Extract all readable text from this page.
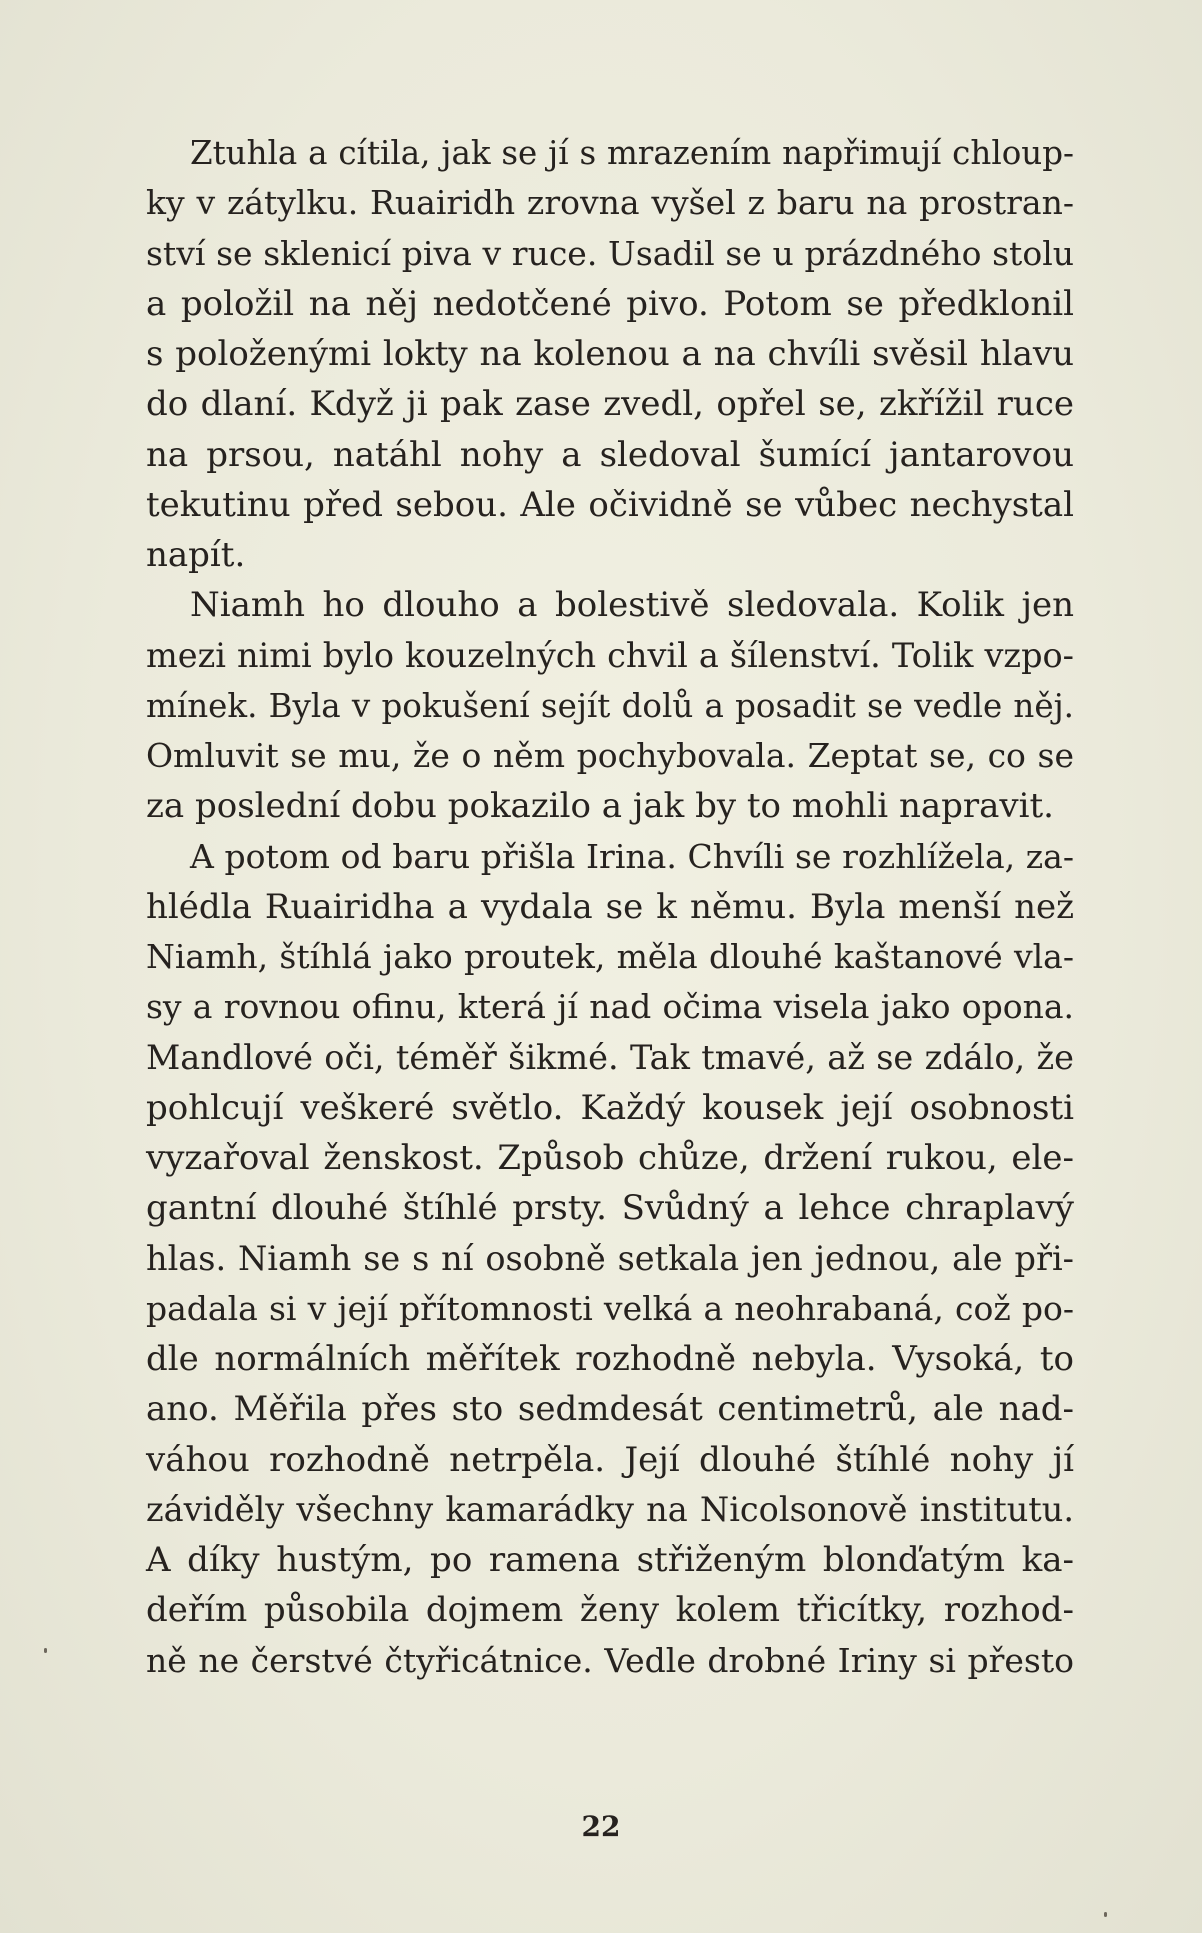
Ztuhla a cítila, jak se jí s mrazením napřimují chloup-
ky v zátylku. Ruairidh zrovna vyšel z baru na prostran-
ství se sklenicí piva v ruce. Usadil se u prázdného stolu
a položil na něj nedotčené pivo. Potom se předklonil
s položenými lokty na kolenou a na chvíli svěsil hlavu
do dlaní. Když ji pak zase zvedl, opřel se, zkřížil ruce
na prsou, natáhl nohy a sledoval šumící jantarovou
tekutinu před sebou. Ale očividně se vůbec nechystal
napít.
Niamh ho dlouho a bolestivě sledovala. Kolik jen
mezi nimi bylo kouzelných chvil a šílenství. Tolik vzpo-
mínek. Byla v pokušení sejít dolů a posadit se vedle něj.
Omluvit se mu, že o něm pochybovala. Zeptat se, co se
za poslední dobu pokazilo a jak by to mohli napravit.
A potom od baru přišla Irina. Chvíli se rozhlížela, za-
hlédla Ruairidha a vydala se k němu. Byla menší než
Niamh, štíhlá jako proutek, měla dlouhé kaštanové vla-
sy a rovnou ofinu, která jí nad očima visela jako opona.
Mandlové oči, téměř šikmé. Tak tmavé, až se zdálo, že
pohlcují veškeré světlo. Každý kousek její osobnosti
vyzařoval ženskost. Způsob chůze, držení rukou, ele-
gantní dlouhé štíhlé prsty. Svůdný a lehce chraplavý
hlas. Niamh se s ní osobně setkala jen jednou, ale při-
padala si v její přítomnosti velká a neohrabaná, což po-
dle normálních měřítek rozhodně nebyla. Vysoká, to
ano. Měřila přes sto sedmdesát centimetrů, ale nad-
váhou rozhodně netrpěla. Její dlouhé štíhlé nohy jí
záviděly všechny kamarádky na Nicolsonově institutu.
A díky hustým, po ramena střiženým blonďatým ka-
deřím působila dojmem ženy kolem třicítky, rozhod-
ně ne čerstvé čtyřicátnice. Vedle drobné Iriny si přesto
22
